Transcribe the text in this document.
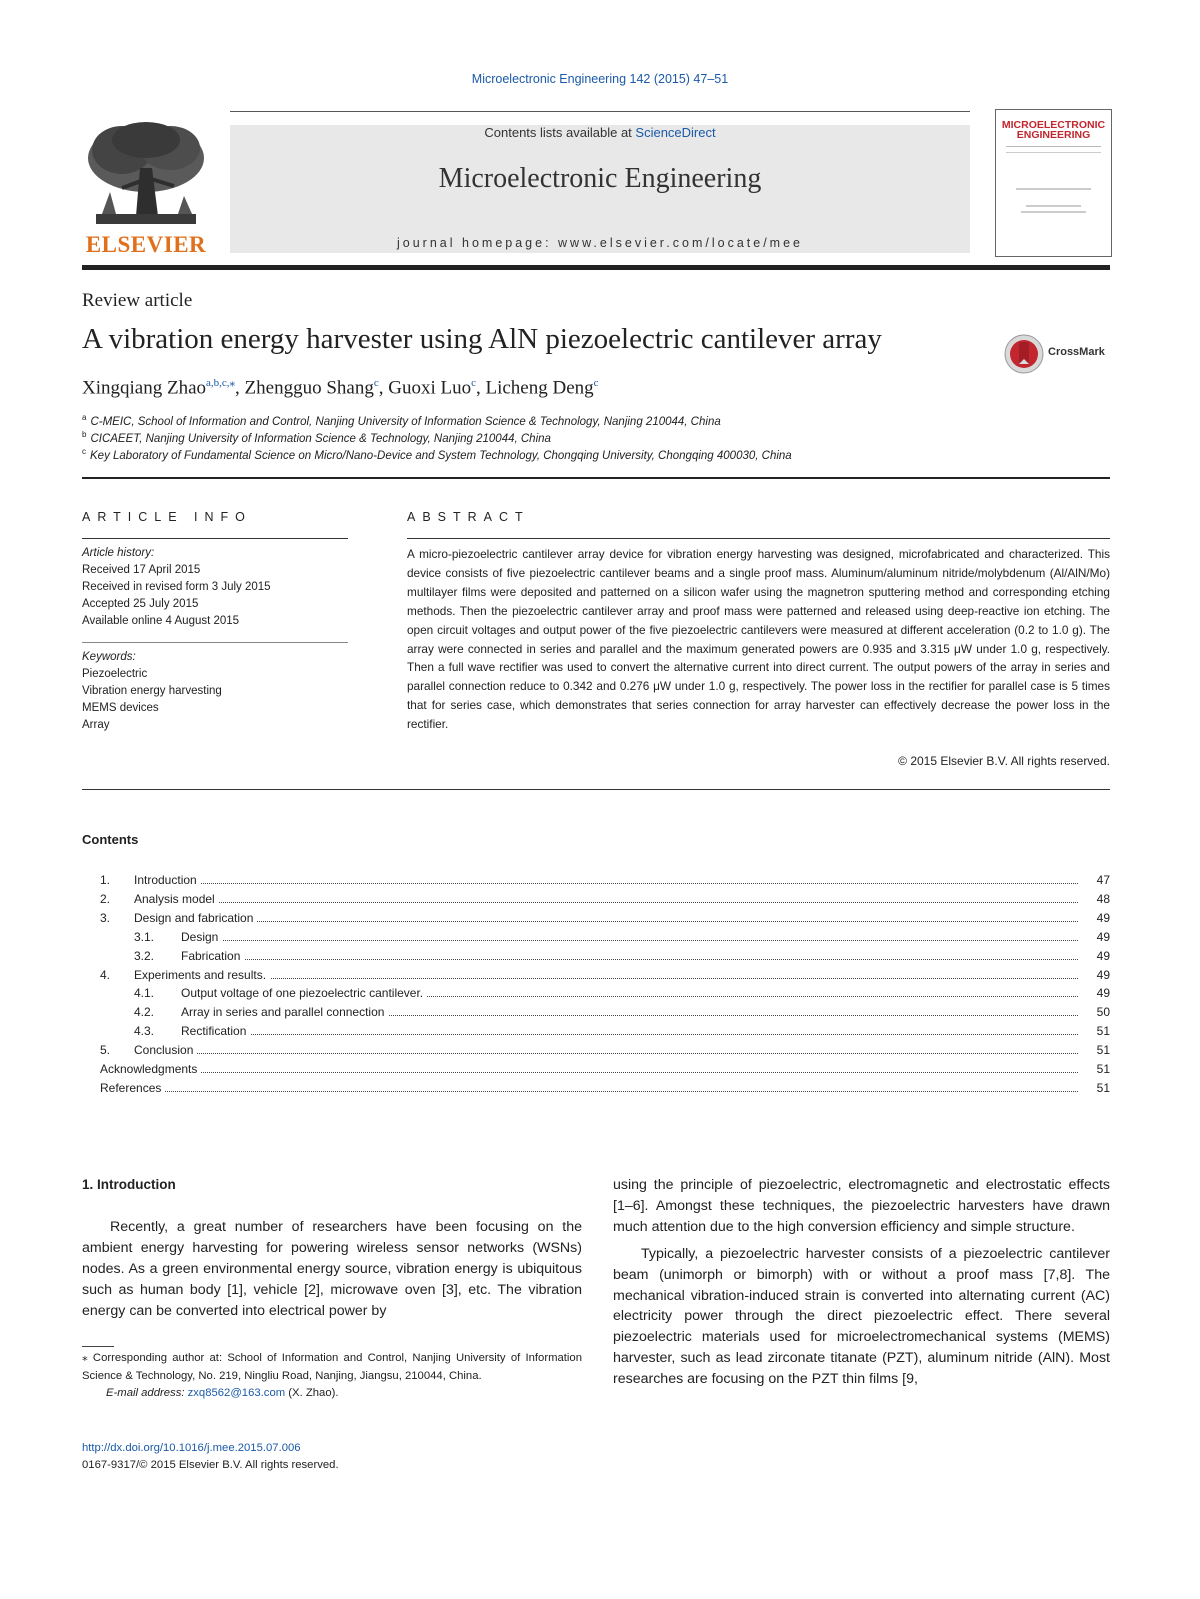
Microelectronic Engineering 142 (2015) 47–51
ELSEVIER
Contents lists available at ScienceDirect
Microelectronic Engineering
journal homepage: www.elsevier.com/locate/mee
MICROELECTRONIC
ENGINEERING
Review article
A vibration energy harvester using AlN piezoelectric cantilever array	CrossMark
Xingqiang Zhao$^{a,b,c,⁎}$, Zhengguo Shang$^c$, Guoxi Luo$^c$, Licheng Deng$^c$
$^a$ C-MEIC, School of Information and Control, Nanjing University of Information Science & Technology, Nanjing 210044, China
$^b$ CICAEET, Nanjing University of Information Science & Technology, Nanjing 210044, China
$^c$ Key Laboratory of Fundamental Science on Micro/Nano-Device and System Technology, Chongqing University, Chongqing 400030, China
ARTICLE INFO
Article history:
Received 17 April 2015
Received in revised form 3 July 2015
Accepted 25 July 2015
Available online 4 August 2015
Keywords:
Piezoelectric
Vibration energy harvesting
MEMS devices
Array
ABSTRACT
A micro-piezoelectric cantilever array device for vibration energy harvesting was designed, microfabricated and characterized. This device consists of five piezoelectric cantilever beams and a single proof mass. Aluminum/aluminum nitride/molybdenum (Al/AlN/Mo) multilayer films were deposited and patterned on a silicon wafer using the magnetron sputtering method and corresponding etching methods. Then the piezoelectric cantilever array and proof mass were patterned and released using deep-reactive ion etching. The open circuit voltages and output power of the five piezoelectric cantilevers were measured at different acceleration (0.2 to 1.0 g). The array were connected in series and parallel and the maximum generated powers are 0.935 and 3.315 μW under 1.0 g, respectively. Then a full wave rectifier was used to convert the alternative current into direct current. The output powers of the array in series and parallel connection reduce to 0.342 and 0.276 μW under 1.0 g, respectively. The power loss in the rectifier for parallel case is 5 times that for series case, which demonstrates that series connection for array harvester can effectively decrease the power loss in the rectifier.
© 2015 Elsevier B.V. All rights reserved.
Contents
1. Introduction	47
2. Analysis model	48
3. Design and fabrication	49
3.1. Design	49
3.2. Fabrication	49
4. Experiments and results.	49
4.1. Output voltage of one piezoelectric cantilever.	49
4.2. Array in series and parallel connection	50
4.3. Rectification	51
5. Conclusion	51
Acknowledgments	51
References	51
1. Introduction

Recently, a great number of researchers have been focusing on the ambient energy harvesting for powering wireless sensor networks (WSNs) nodes. As a green environmental energy source, vibration energy is ubiquitous such as human body [1], vehicle [2], microwave oven [3], etc. The vibration energy can be converted into electrical power by

using the principle of piezoelectric, electromagnetic and electrostatic effects [1–6]. Amongst these techniques, the piezoelectric harvesters have drawn much attention due to the high conversion efficiency and simple structure.

Typically, a piezoelectric harvester consists of a piezoelectric cantilever beam (unimorph or bimorph) with or without a proof mass [7,8]. The mechanical vibration-induced strain is converted into alternating current (AC) electricity power through the direct piezoelectric effect. There several piezoelectric materials used for microelectromechanical systems (MEMS) harvester, such as lead zirconate titanate (PZT), aluminum nitride (AlN). Most researches are focusing on the PZT thin films [9,

⁎ Corresponding author at: School of Information and Control, Nanjing University of Information Science & Technology, No. 219, Ningliu Road, Nanjing, Jiangsu, 210044, China.
E-mail address: zxq8562@163.com (X. Zhao).
http://dx.doi.org/10.1016/j.mee.2015.07.006
0167-9317/© 2015 Elsevier B.V. All rights reserved.
